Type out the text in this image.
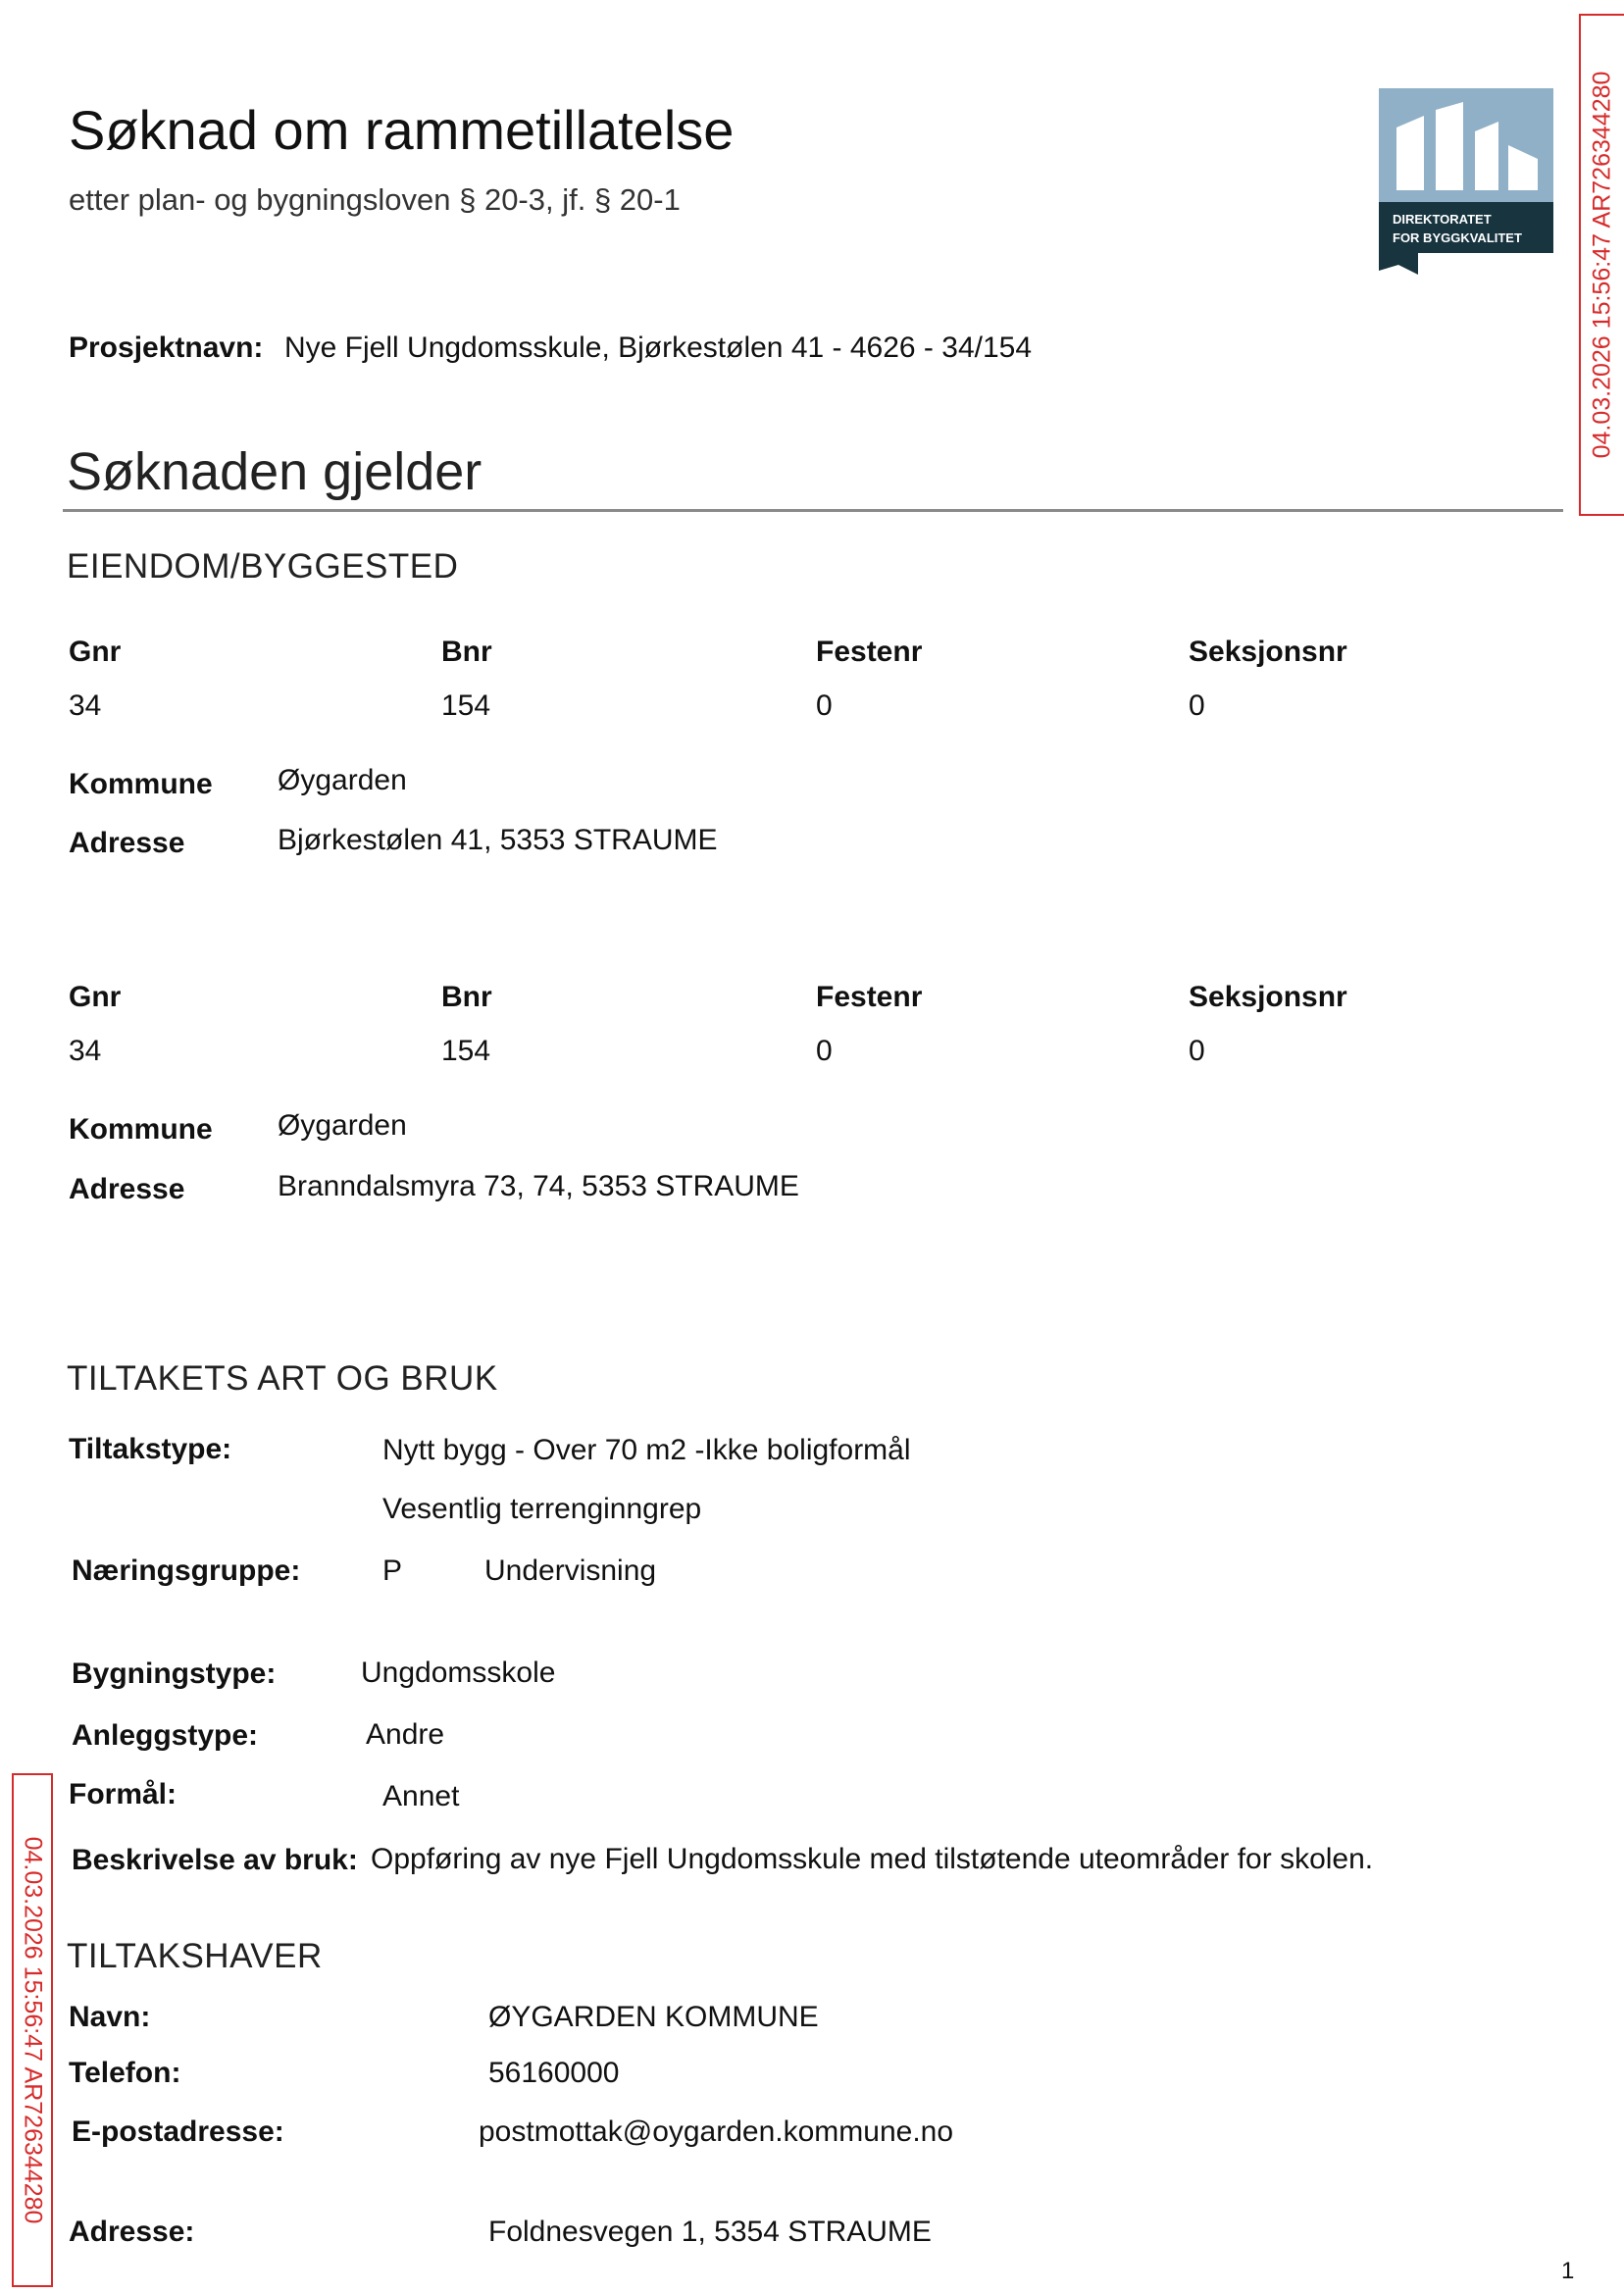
Søknad om rammetillatelse
etter plan- og bygningsloven § 20-3, jf. § 20-1
DIREKTORATET
FOR BYGGKVALITET
Prosjektnavn: Nye Fjell Ungdomsskule, Bjørkestølen 41 - 4626 - 34/154
Søknaden gjelder
EIENDOM/BYGGESTED
Gnr	Bnr	Festenr	Seksjonsnr
34	154	0	0
Kommune Øygarden
Adresse	Bjørkestølen 41, 5353 STRAUME
Gnr	Bnr	Festenr	Seksjonsnr
34	154	0	0
Kommune Øygarden
Adresse	Branndalsmyra 73, 74, 5353 STRAUME
TILTAKETS ART OG BRUK
Tiltakstype:	Nytt bygg - Over 70 m2 -Ikke boligformål
Vesentlig terrenginngrep
Næringsgruppe:	P	Undervisning
Bygningstype:	Ungdomsskole
Anleggstype:	Andre
Formål:	Annet
Beskrivelse av bruk: Oppføring av nye Fjell Ungdomsskule med tilstøtende uteområder for skolen.
TILTAKSHAVER
Navn:	ØYGARDEN KOMMUNE
Telefon:	56160000
E-postadresse:	postmottak@oygarden.kommune.no
Adresse:	Foldnesvegen 1, 5354 STRAUME
04.03.2026 15:56:47 AR726344280
04.03.2026 15:56:47 AR726344280
1
